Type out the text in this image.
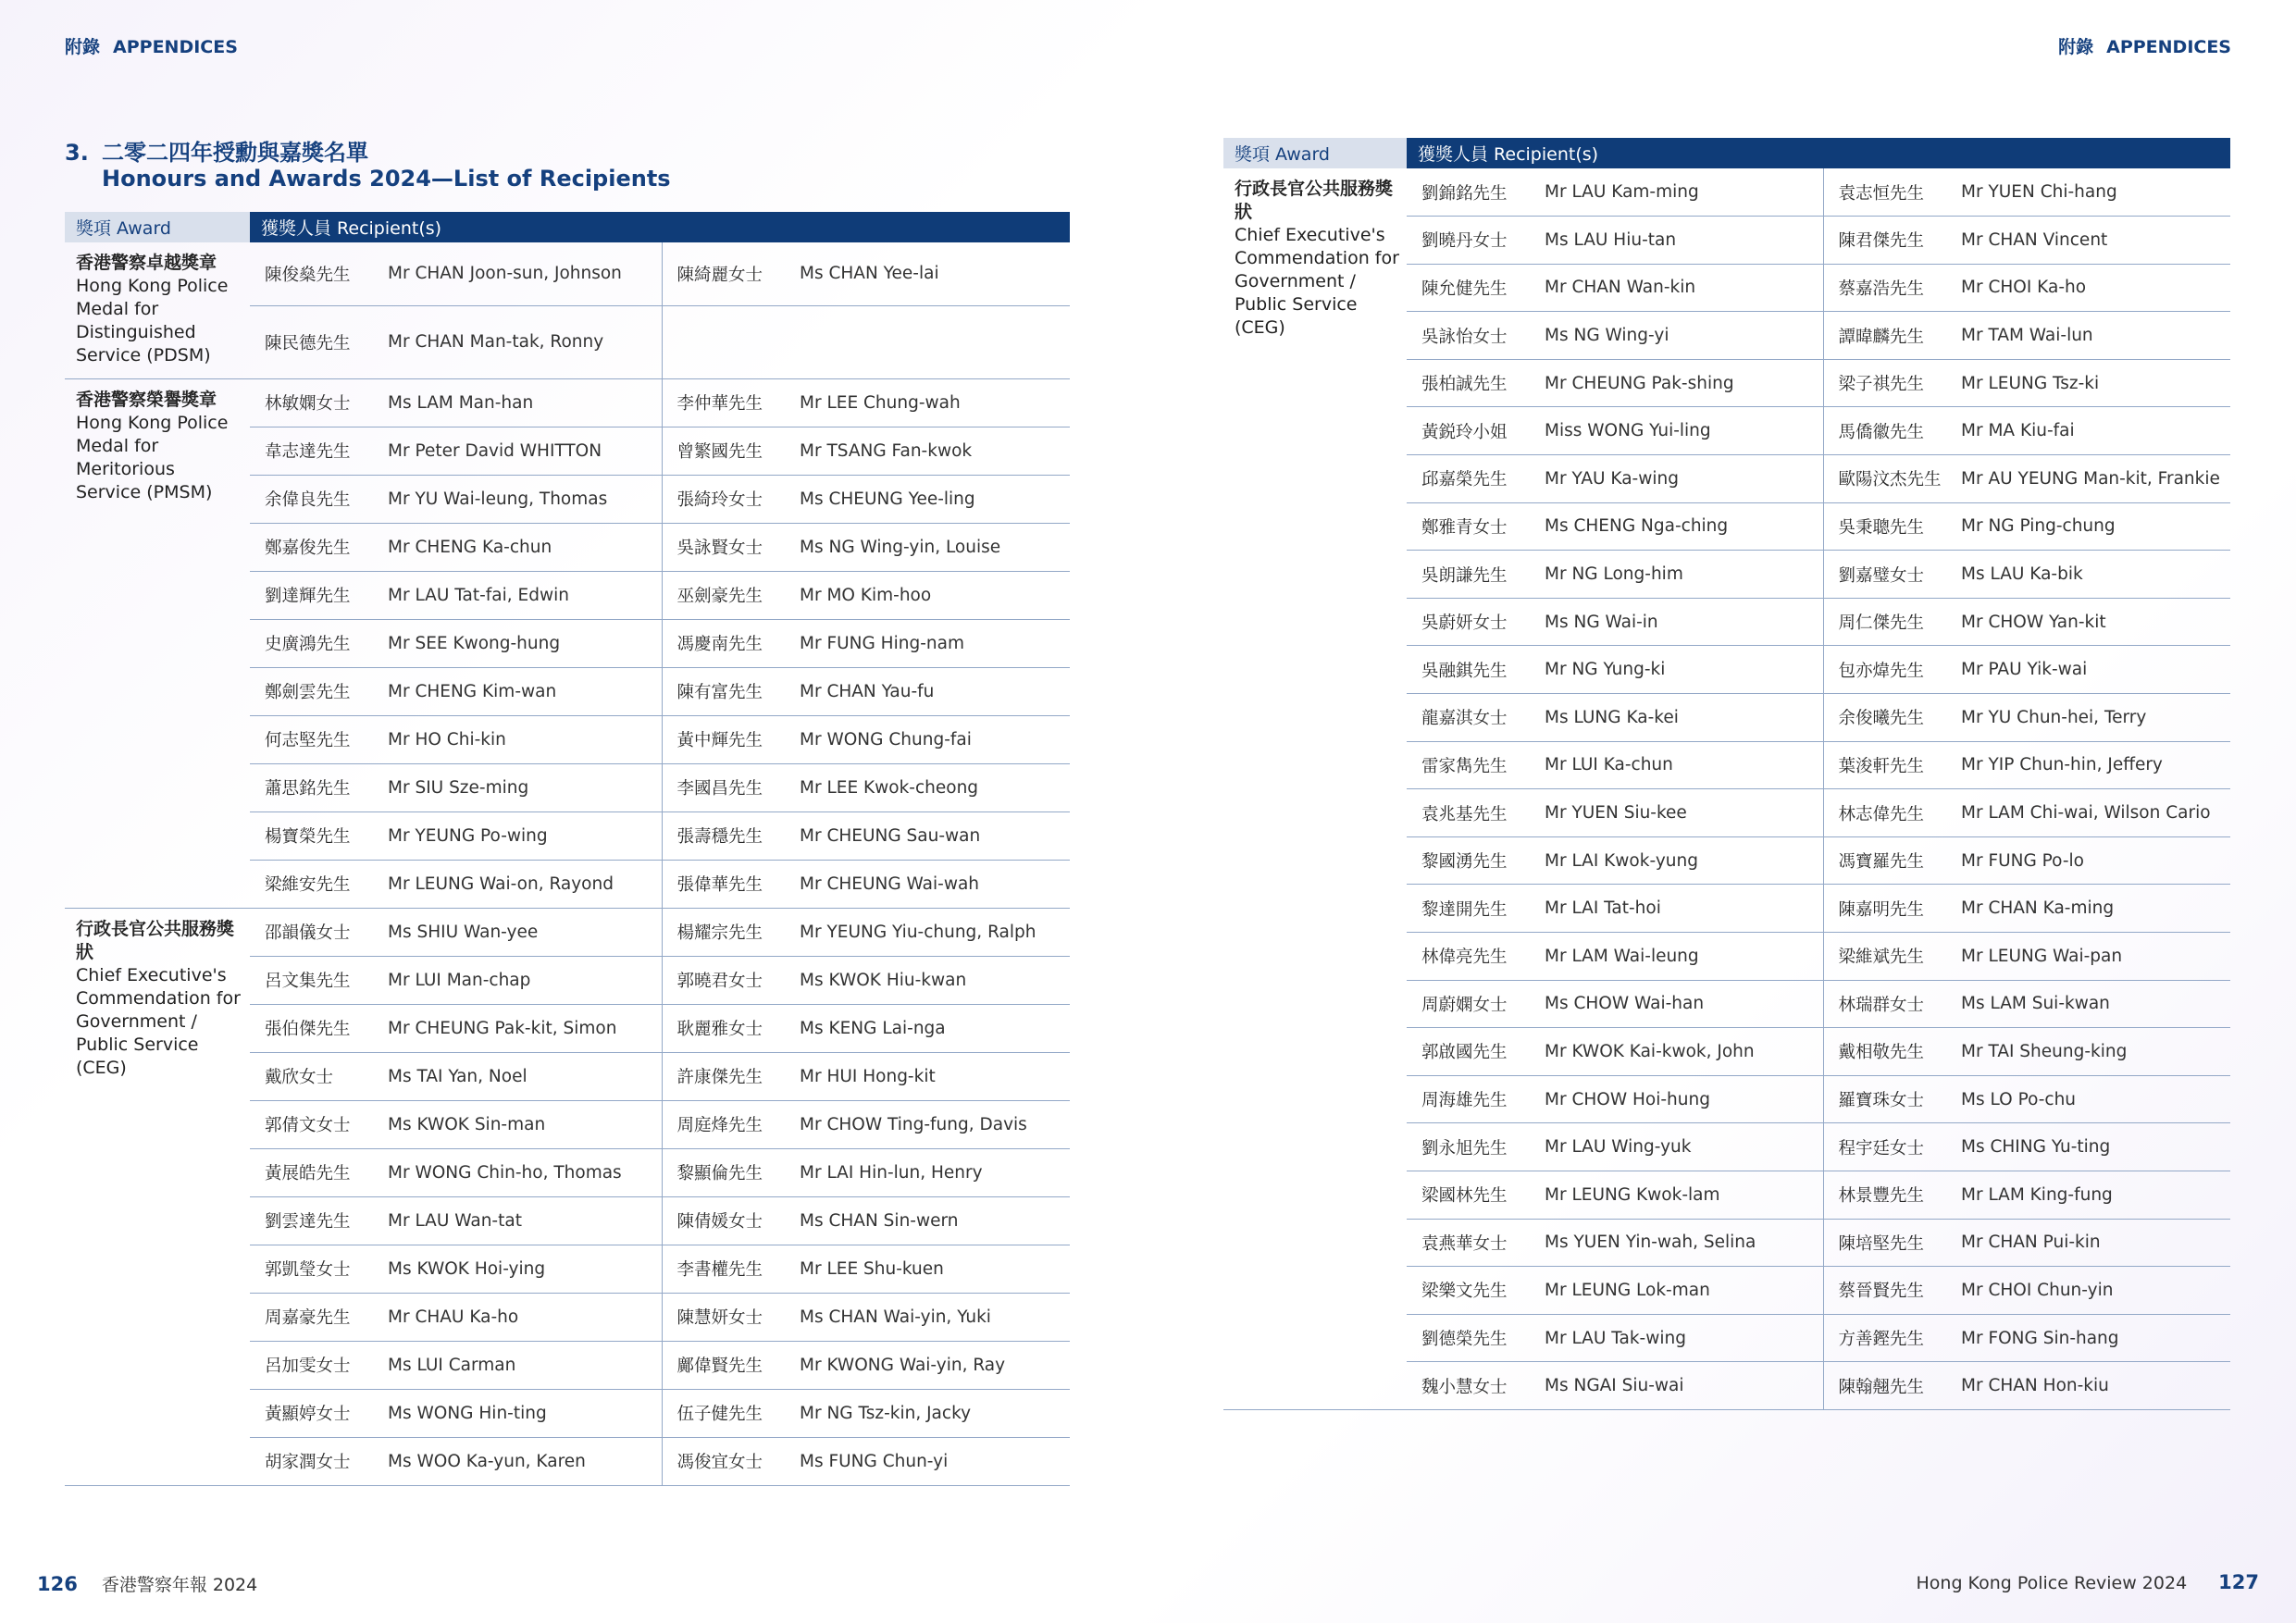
附錄 APPENDICES	附錄 APPENDICES
3. 二零二四年授勳與嘉獎名單
Honours and Awards 2024—List of Recipients
獎項 Award	獲獎人員 Recipient(s)			

香港警察卓越獎章
Hong Kong Police Medal for Distinguished Service (PDSM)	陳俊燊先生	Mr CHAN Joon-sun, Johnson	陳綺麗女士	Ms CHAN Yee-lai
	陳民德先生	Mr CHAN Man-tak, Ronny		

香港警察榮譽獎章
Hong Kong Police Medal for Meritorious Service (PMSM)	林敏嫻女士	Ms LAM Man-han	李仲華先生	Mr LEE Chung-wah
	韋志達先生	Mr Peter David WHITTON	曾繁國先生	Mr TSANG Fan-kwok
	余偉良先生	Mr YU Wai-leung, Thomas	張綺玲女士	Ms CHEUNG Yee-ling
	鄭嘉俊先生	Mr CHENG Ka-chun	吳詠賢女士	Ms NG Wing-yin, Louise
	劉達輝先生	Mr LAU Tat-fai, Edwin	巫劍豪先生	Mr MO Kim-hoo
	史廣鴻先生	Mr SEE Kwong-hung	馮慶南先生	Mr FUNG Hing-nam
	鄭劍雲先生	Mr CHENG Kim-wan	陳有富先生	Mr CHAN Yau-fu
	何志堅先生	Mr HO Chi-kin	黃中輝先生	Mr WONG Chung-fai
	蕭思銘先生	Mr SIU Sze-ming	李國昌先生	Mr LEE Kwok-cheong
	楊寶榮先生	Mr YEUNG Po-wing	張壽穩先生	Mr CHEUNG Sau-wan
	梁維安先生	Mr LEUNG Wai-on, Rayond	張偉華先生	Mr CHEUNG Wai-wah

行政長官公共服務獎狀
Chief Executive's Commendation for Government / Public Service (CEG)	邵韻儀女士	Ms SHIU Wan-yee	楊耀宗先生	Mr YEUNG Yiu-chung, Ralph
	呂文集先生	Mr LUI Man-chap	郭曉君女士	Ms KWOK Hiu-kwan
	張伯傑先生	Mr CHEUNG Pak-kit, Simon	耿麗雅女士	Ms KENG Lai-nga
	戴欣女士	Ms TAI Yan, Noel	許康傑先生	Mr HUI Hong-kit
	郭倩文女士	Ms KWOK Sin-man	周庭烽先生	Mr CHOW Ting-fung, Davis
	黃展皓先生	Mr WONG Chin-ho, Thomas	黎顯倫先生	Mr LAI Hin-lun, Henry
	劉雲達先生	Mr LAU Wan-tat	陳倩媛女士	Ms CHAN Sin-wern
	郭凱瑩女士	Ms KWOK Hoi-ying	李書權先生	Mr LEE Shu-kuen
	周嘉豪先生	Mr CHAU Ka-ho	陳慧妍女士	Ms CHAN Wai-yin, Yuki
	呂加雯女士	Ms LUI Carman	鄺偉賢先生	Mr KWONG Wai-yin, Ray
	黃顯婷女士	Ms WONG Hin-ting	伍子健先生	Mr NG Tsz-kin, Jacky
	胡家潤女士	Ms WOO Ka-yun, Karen	馮俊宜女士	Ms FUNG Chun-yi
獎項 Award	獲獎人員 Recipient(s)			

行政長官公共服務獎狀
Chief Executive's Commendation for Government / Public Service (CEG)	劉錦銘先生	Mr LAU Kam-ming	袁志恒先生	Mr YUEN Chi-hang
	劉曉丹女士	Ms LAU Hiu-tan	陳君傑先生	Mr CHAN Vincent
	陳允健先生	Mr CHAN Wan-kin	蔡嘉浩先生	Mr CHOI Ka-ho
	吳詠怡女士	Ms NG Wing-yi	譚暐麟先生	Mr TAM Wai-lun
	張柏誠先生	Mr CHEUNG Pak-shing	梁子祺先生	Mr LEUNG Tsz-ki
	黃鋭玲小姐	Miss WONG Yui-ling	馬僑徽先生	Mr MA Kiu-fai
	邱嘉榮先生	Mr YAU Ka-wing	歐陽汶杰先生	Mr AU YEUNG Man-kit, Frankie
	鄭雅青女士	Ms CHENG Nga-ching	吳秉聰先生	Mr NG Ping-chung
	吳朗謙先生	Mr NG Long-him	劉嘉璧女士	Ms LAU Ka-bik
	吳蔚妍女士	Ms NG Wai-in	周仁傑先生	Mr CHOW Yan-kit
	吳融錤先生	Mr NG Yung-ki	包亦煒先生	Mr PAU Yik-wai
	龍嘉淇女士	Ms LUNG Ka-kei	余俊曦先生	Mr YU Chun-hei, Terry
	雷家雋先生	Mr LUI Ka-chun	葉浚軒先生	Mr YIP Chun-hin, Jeffery
	袁兆基先生	Mr YUEN Siu-kee	林志偉先生	Mr LAM Chi-wai, Wilson Cario
	黎國湧先生	Mr LAI Kwok-yung	馮寶羅先生	Mr FUNG Po-lo
	黎達開先生	Mr LAI Tat-hoi	陳嘉明先生	Mr CHAN Ka-ming
	林偉亮先生	Mr LAM Wai-leung	梁維斌先生	Mr LEUNG Wai-pan
	周蔚嫻女士	Ms CHOW Wai-han	林瑞群女士	Ms LAM Sui-kwan
	郭啟國先生	Mr KWOK Kai-kwok, John	戴相敬先生	Mr TAI Sheung-king
	周海雄先生	Mr CHOW Hoi-hung	羅寶珠女士	Ms LO Po-chu
	劉永旭先生	Mr LAU Wing-yuk	程宇廷女士	Ms CHING Yu-ting
	梁國林先生	Mr LEUNG Kwok-lam	林景豐先生	Mr LAM King-fung
	袁燕華女士	Ms YUEN Yin-wah, Selina	陳培堅先生	Mr CHAN Pui-kin
	梁樂文先生	Mr LEUNG Lok-man	蔡晉賢先生	Mr CHOI Chun-yin
	劉德榮先生	Mr LAU Tak-wing	方善鏗先生	Mr FONG Sin-hang
	魏小慧女士	Ms NGAI Siu-wai	陳翰翹先生	Mr CHAN Hon-kiu
126 香港警察年報 2024	Hong Kong Police Review 2024 127
